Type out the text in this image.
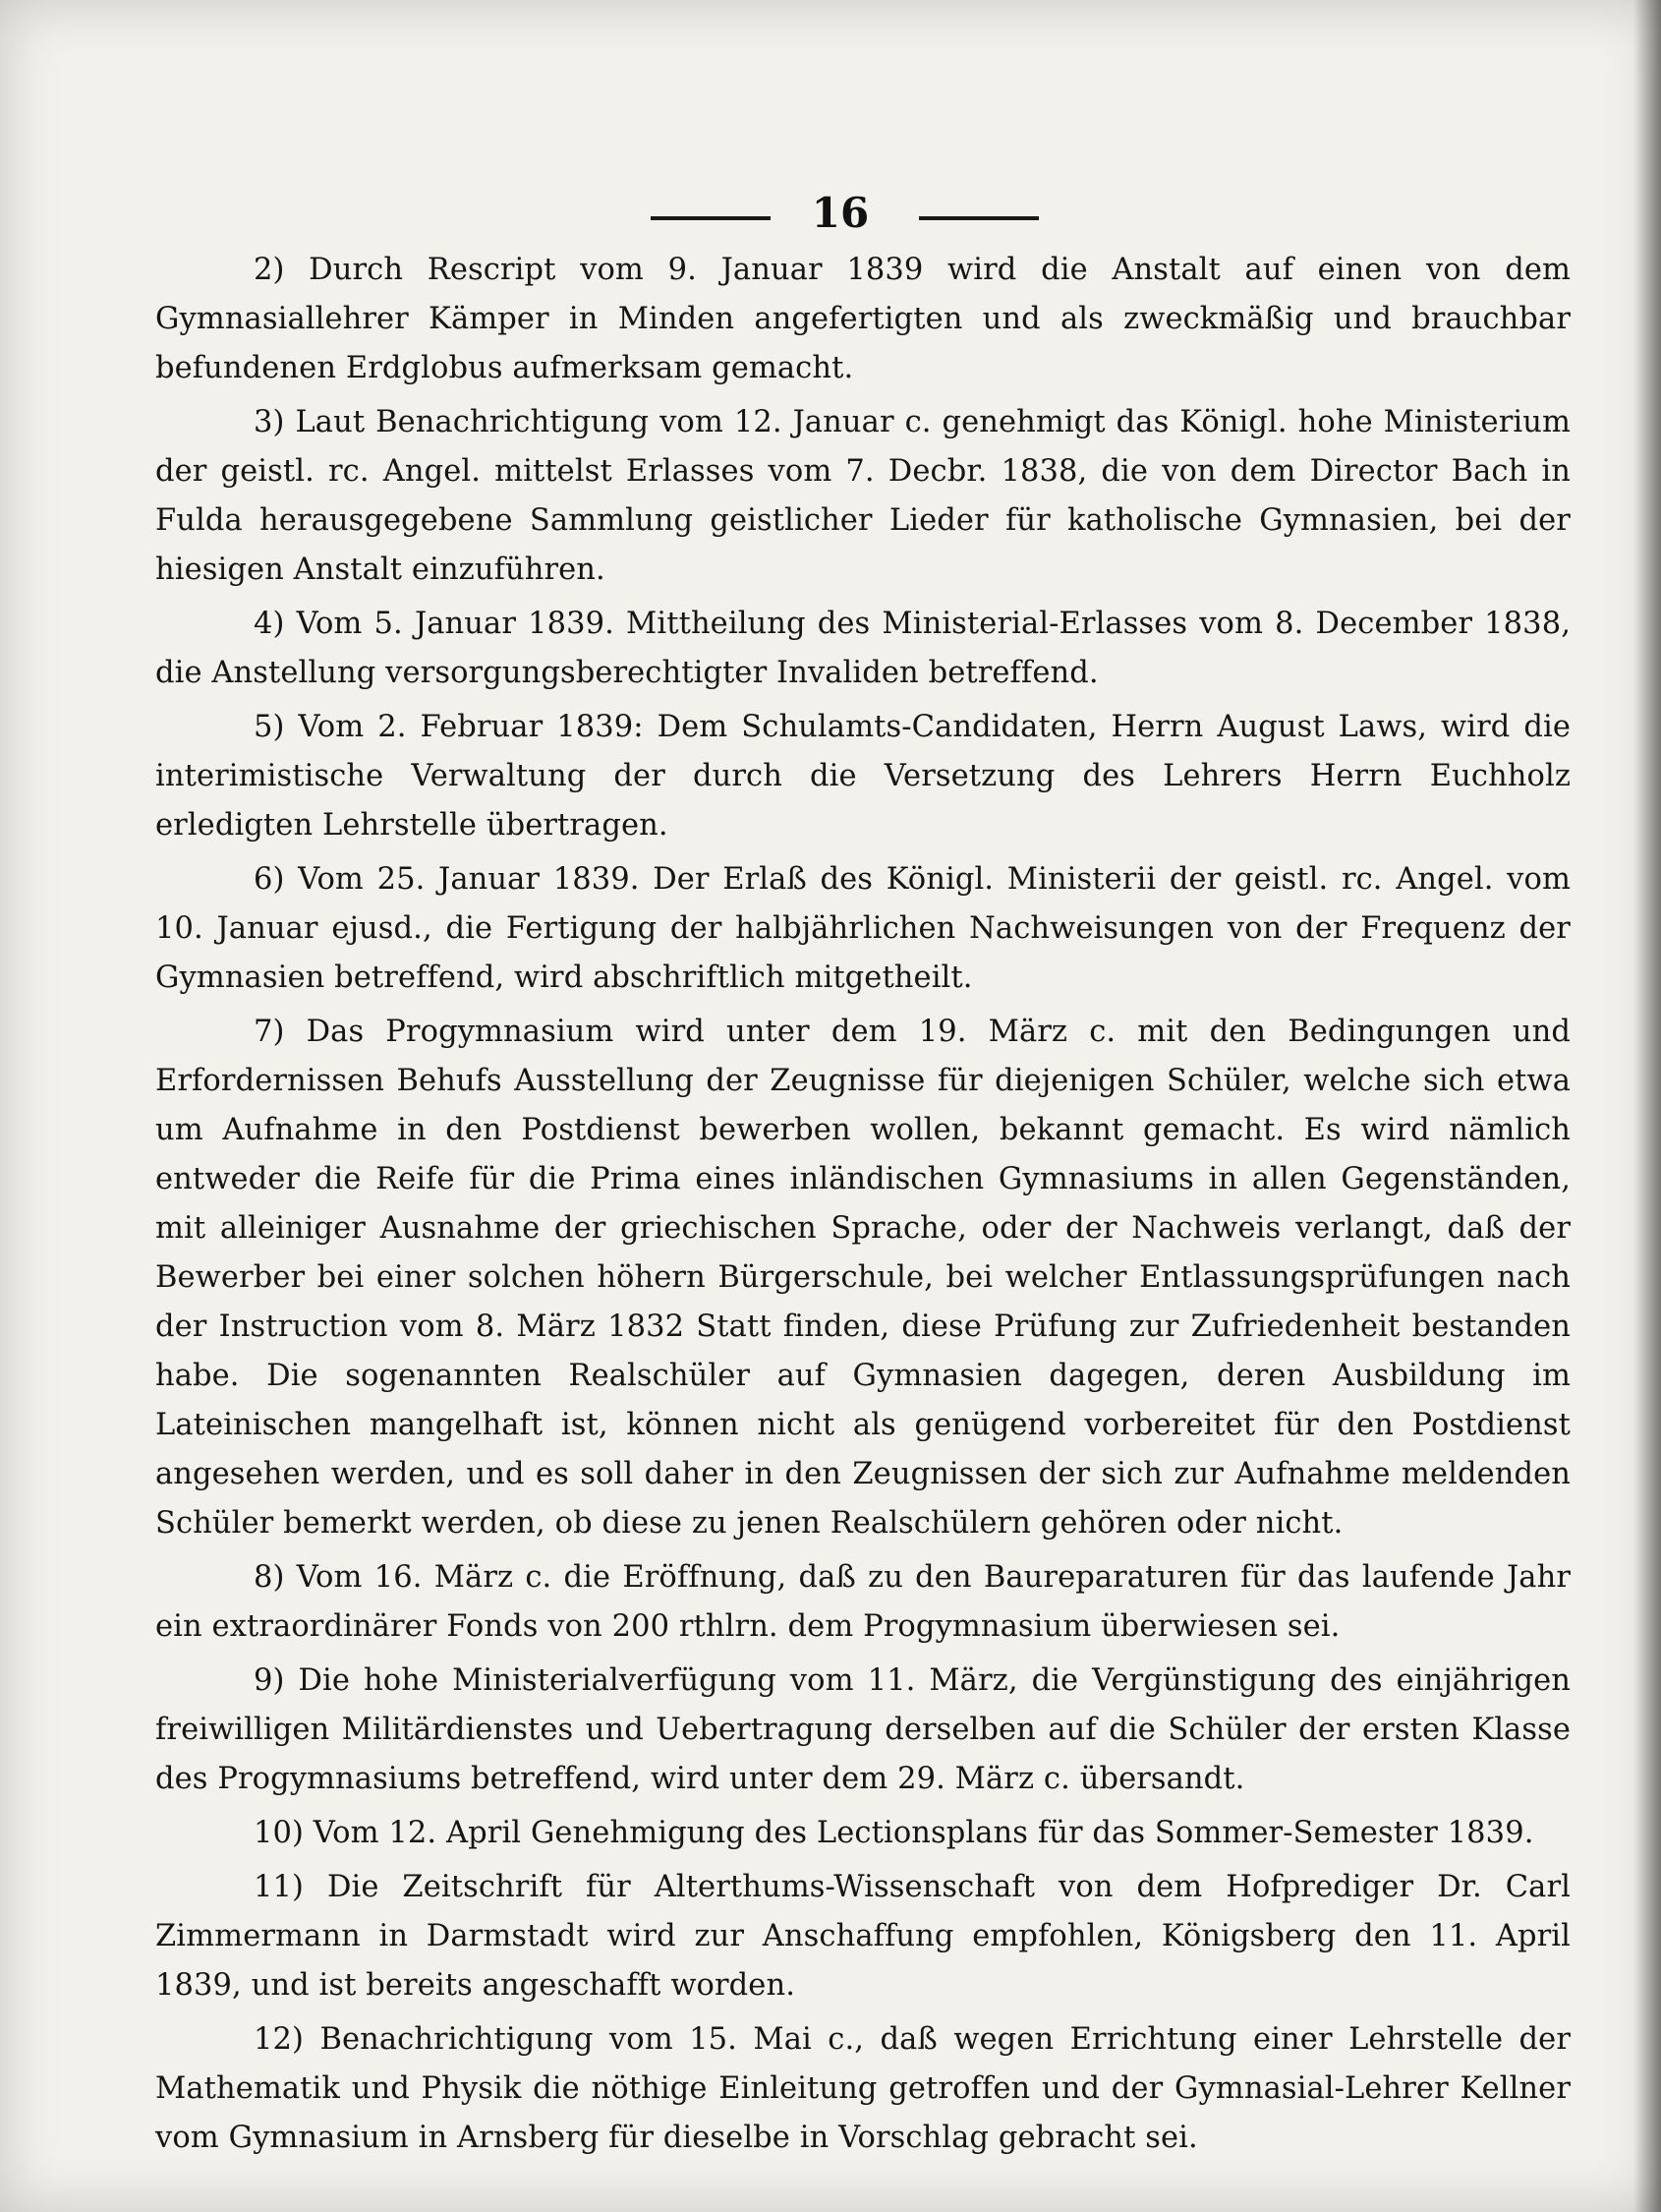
16

2) Durch Rescript vom 9. Januar 1839 wird die Anstalt auf einen von dem Gymnasiallehrer Kämper in Minden angefertigten und als zweckmäßig und brauchbar befundenen Erdglobus aufmerksam gemacht.

3) Laut Benachrichtigung vom 12. Januar c. genehmigt das Königl. hohe Ministerium der geistl. rc. Angel. mittelst Erlasses vom 7. Decbr. 1838, die von dem Director Bach in Fulda herausgegebene Sammlung geistlicher Lieder für katholische Gymnasien, bei der hiesigen Anstalt einzuführen.

4) Vom 5. Januar 1839. Mittheilung des Ministerial-Erlasses vom 8. December 1838, die Anstellung versorgungsberechtigter Invaliden betreffend.

5) Vom 2. Februar 1839: Dem Schulamts-Candidaten, Herrn August Laws, wird die interimistische Verwaltung der durch die Versetzung des Lehrers Herrn Euchholz erledigten Lehrstelle übertragen.

6) Vom 25. Januar 1839. Der Erlaß des Königl. Ministerii der geistl. rc. Angel. vom 10. Januar ejusd., die Fertigung der halbjährlichen Nachweisungen von der Frequenz der Gymnasien betreffend, wird abschriftlich mitgetheilt.

7) Das Progymnasium wird unter dem 19. März c. mit den Bedingungen und Erfordernissen Behufs Ausstellung der Zeugnisse für diejenigen Schüler, welche sich etwa um Aufnahme in den Postdienst bewerben wollen, bekannt gemacht. Es wird nämlich entweder die Reife für die Prima eines inländischen Gymnasiums in allen Gegenständen, mit alleiniger Ausnahme der griechischen Sprache, oder der Nachweis verlangt, daß der Bewerber bei einer solchen höhern Bürgerschule, bei welcher Entlassungsprüfungen nach der Instruction vom 8. März 1832 Statt finden, diese Prüfung zur Zufriedenheit bestanden habe. Die sogenannten Realschüler auf Gymnasien dagegen, deren Ausbildung im Lateinischen mangelhaft ist, können nicht als genügend vorbereitet für den Postdienst angesehen werden, und es soll daher in den Zeugnissen der sich zur Aufnahme meldenden Schüler bemerkt werden, ob diese zu jenen Realschülern gehören oder nicht.

8) Vom 16. März c. die Eröffnung, daß zu den Baureparaturen für das laufende Jahr ein extraordinärer Fonds von 200 rthlrn. dem Progymnasium überwiesen sei.

9) Die hohe Ministerialverfügung vom 11. März, die Vergünstigung des einjährigen freiwilligen Militärdienstes und Uebertragung derselben auf die Schüler der ersten Klasse des Progymnasiums betreffend, wird unter dem 29. März c. übersandt.

10) Vom 12. April Genehmigung des Lectionsplans für das Sommer-Semester 1839.

11) Die Zeitschrift für Alterthums-Wissenschaft von dem Hofprediger Dr. Carl Zimmermann in Darmstadt wird zur Anschaffung empfohlen, Königsberg den 11. April 1839, und ist bereits angeschafft worden.

12) Benachrichtigung vom 15. Mai c., daß wegen Errichtung einer Lehrstelle der Mathematik und Physik die nöthige Einleitung getroffen und der Gymnasial-Lehrer Kellner vom Gymnasium in Arnsberg für dieselbe in Vorschlag gebracht sei.
